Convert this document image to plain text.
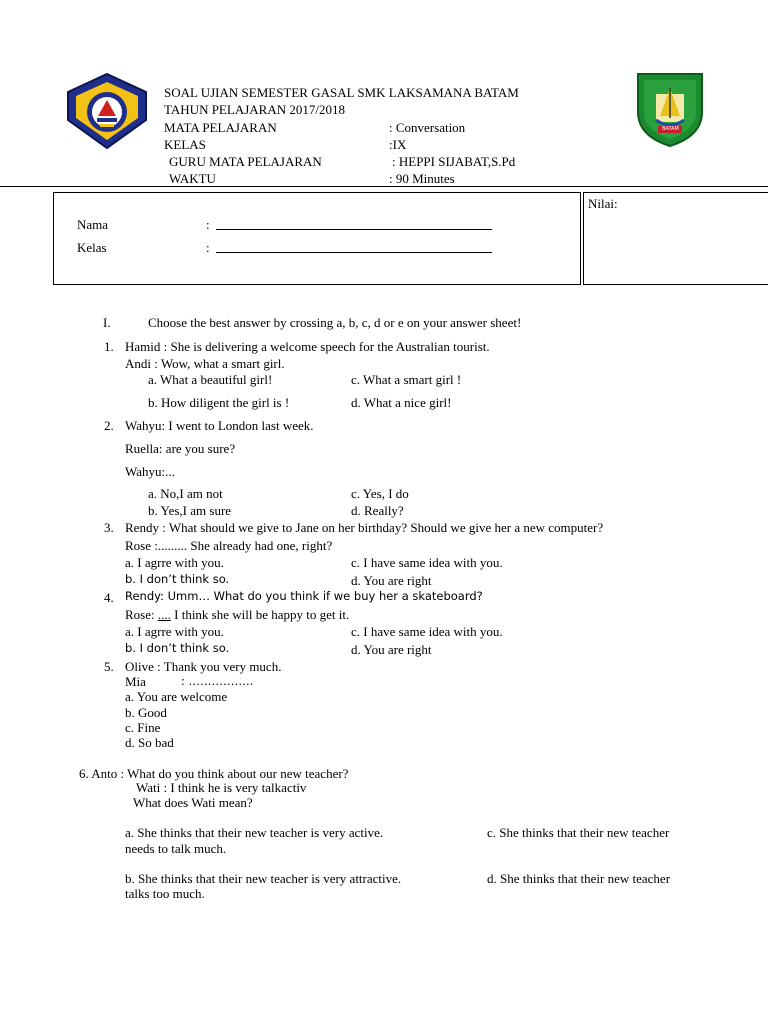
BATAM
SOAL UJIAN SEMESTER GASAL SMK LAKSAMANA BATAM
TAHUN PELAJARAN 2017/2018
MATA PELAJARAN	: Conversation
KELAS	:IX
GURU MATA PELAJARAN	: HEPPI SIJABAT,S.Pd
WAKTU	: 90 Minutes
Nama	:
Kelas	:
Nilai:
I.	Choose the best answer by crossing a, b, c, d or e on your answer sheet!
1. Hamid : She is delivering a welcome speech for the Australian tourist.
Andi : Wow, what a smart girl.
a. What a beautiful girl!	c. What a smart girl !
b. How diligent the girl is !	d. What a nice girl!
2. Wahyu: I went to London last week.
Ruella: are you sure?
Wahyu:...
a. No,I am not	c. Yes, I do
b. Yes,I am sure	d. Really?
3. Rendy : What should we give to Jane on her birthday? Should we give her a new computer?
Rose :......... She already had one, right?
a. I agrre with you.	c. I have same idea with you.
b. I don’t think so.	d. You are right
4. Rendy: Umm… What do you think if we buy her a skateboard?
Rose: .... I think she will be happy to get it.
a. I agrre with you.	c. I have same idea with you.
b. I don’t think so.	d. You are right
5. Olive : Thank you very much.
Mia	: ……………..
a. You are welcome
b. Good
c. Fine
d. So bad
6. Anto : What do you think about our new teacher?
Wati : I think he is very talkactiv
What does Wati mean?
a. She thinks that their new teacher is very active.	c. She thinks that their new teacher
needs to talk much.
b. She thinks that their new teacher is very attractive.	d. She thinks that their new teacher
talks too much.
